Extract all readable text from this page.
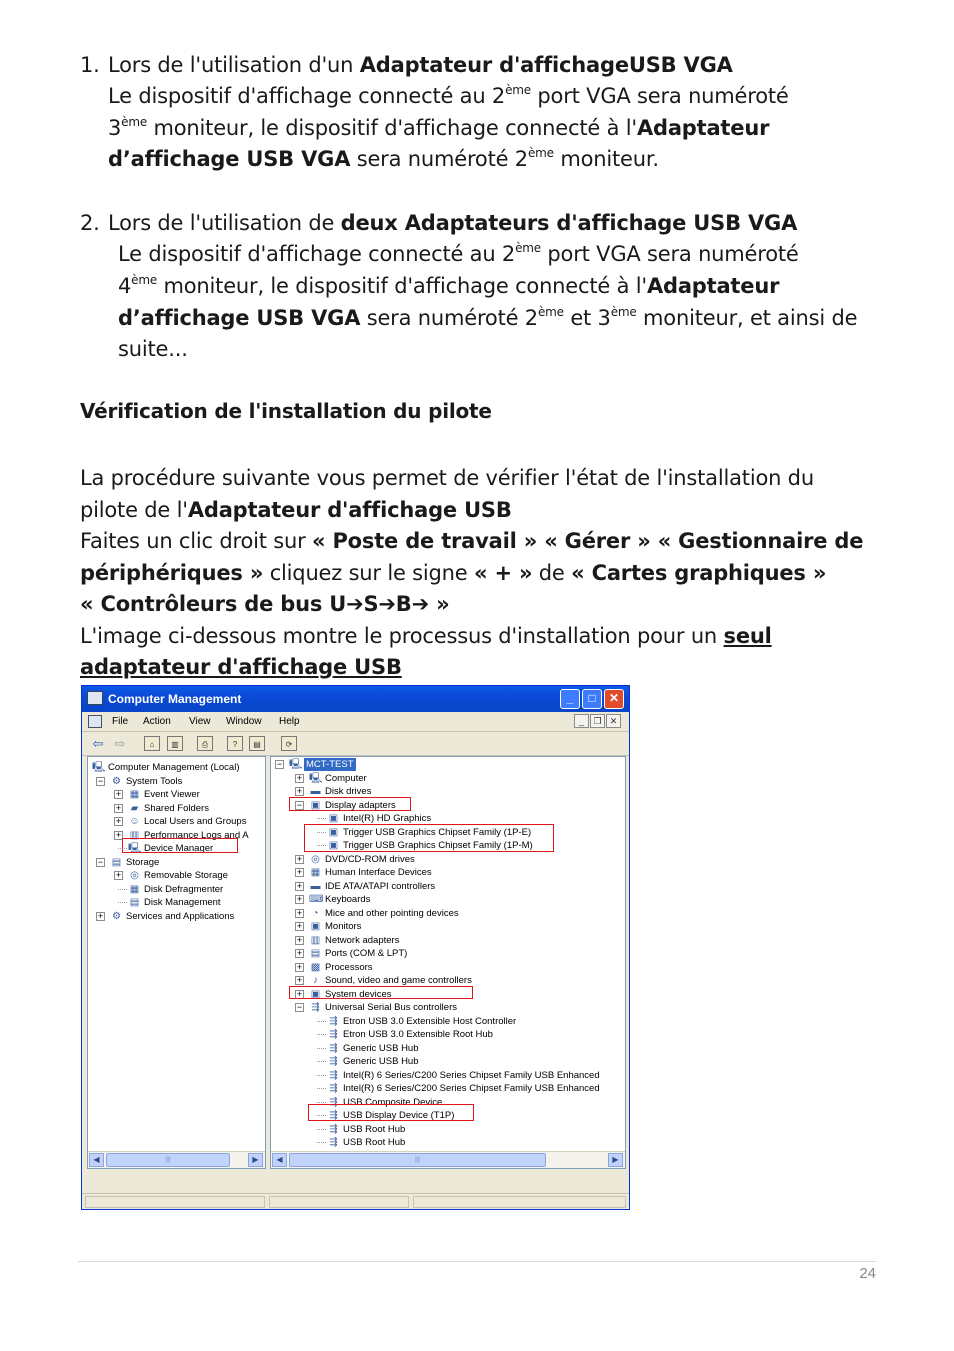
1. Lors de l'utilisation d'un Adaptateur d'affichageUSB VGA
Le dispositif d'affichage connecté au 2ème port VGA sera numéroté
3ème moniteur, le dispositif d'affichage connecté à l'Adaptateur
d’affichage USB VGA sera numéroté 2ème moniteur.
2. Lors de l'utilisation de deux Adaptateurs d'affichage USB VGA
Le dispositif d'affichage connecté au 2ème port VGA sera numéroté
4ème moniteur, le dispositif d'affichage connecté à l'Adaptateur
d’affichage USB VGA sera numéroté 2ème et 3ème moniteur, et ainsi de
suite...
Vérification de l'installation du pilote
La procédure suivante vous permet de vérifier l'état de l'installation du
pilote de l'Adaptateur d'affichage USB
Faites un clic droit sur « Poste de travail » « Gérer » « Gestionnaire de
périphériques » cliquez sur le signe « + » de « Cartes graphiques »
« Contrôleurs de bus U➔S➔B➔ »
L'image ci-dessous montre le processus d'installation pour un seul
adaptateur d'affichage USB
Computer Management	_	□	✕
File Action View Window Help	_	❐ ✕
⇦ ⇨	⌂	▥	⎙	?	▤	⟳
🖳 Computer Management (Local)
− ⚙ System Tools
+ ▦ Event Viewer
+ ▰ Shared Folders
+ ☺ Local Users and Groups
+ ▥ Performance Logs and A
🖳 Device Manager
− ▤ Storage
+ ◎ Removable Storage
▦ Disk Defragmenter
▤ Disk Management
+ ⚙ Services and Applications
◀	|||	▶
− 🖳 MCT-TEST
+ 🖳 Computer
+ ▬ Disk drives
− ▣ Display adapters
▣ Intel(R) HD Graphics
▣ Trigger USB Graphics Chipset Family (1P-E)
▣ Trigger USB Graphics Chipset Family (1P-M)
+ ◎ DVD/CD-ROM drives
+ ▦ Human Interface Devices
+ ▬ IDE ATA/ATAPI controllers
+ ⌨ Keyboards
+	◔ Mice and other pointing devices
+ ▣ Monitors
+ ▥ Network adapters
+ ▤ Ports (COM & LPT)
+ ▩ Processors
+	♪ Sound, video and game controllers
+ ▣ System devices
− ⇶ Universal Serial Bus controllers
⇶ Etron USB 3.0 Extensible Host Controller
⇶ Etron USB 3.0 Extensible Root Hub
⇶ Generic USB Hub
⇶ Generic USB Hub
⇶ Intel(R) 6 Series/C200 Series Chipset Family USB Enhanced
⇶ Intel(R) 6 Series/C200 Series Chipset Family USB Enhanced
⇶ USB Composite Device
⇶ USB Display Device (T1P)
⇶ USB Root Hub
⇶ USB Root Hub
◀	|||	▶
24
